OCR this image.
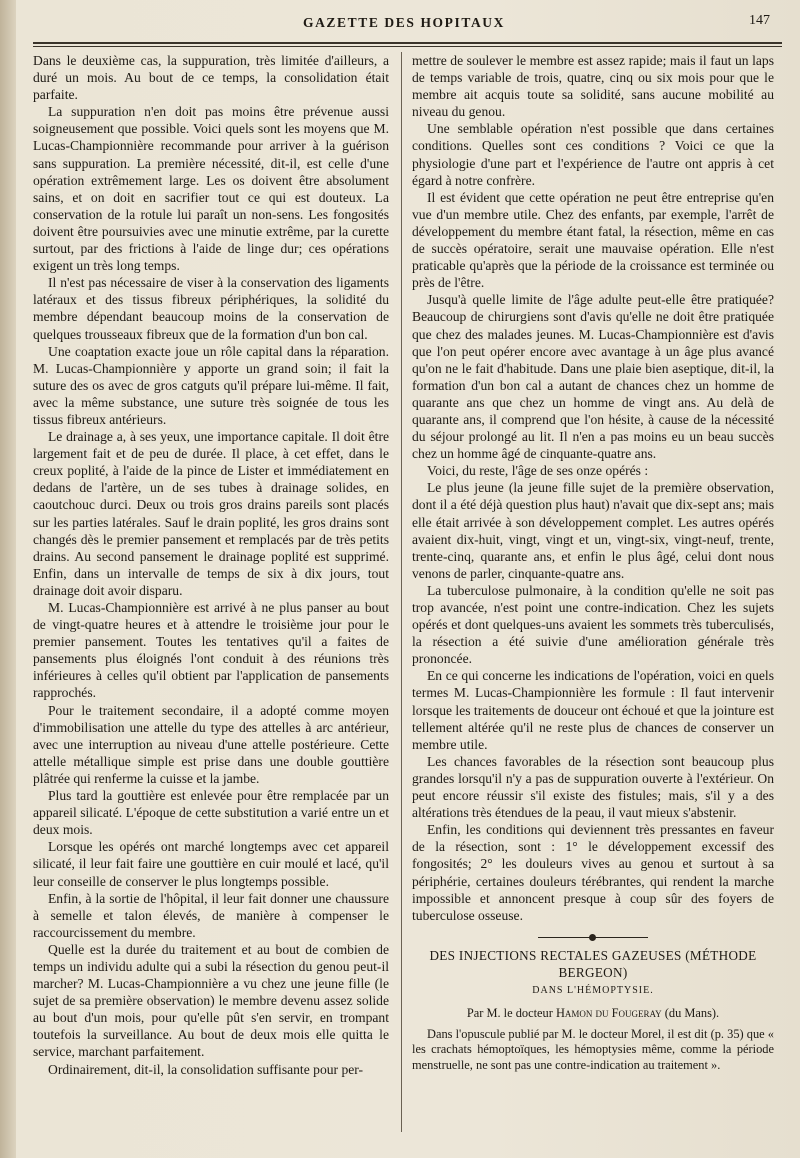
GAZETTE DES HOPITAUX	147

Dans le deuxième cas, la suppuration, très limitée d'ailleurs, a duré un mois. Au bout de ce temps, la consolidation était parfaite.

La suppuration n'en doit pas moins être prévenue aussi soigneusement que possible. Voici quels sont les moyens que M. Lucas-Championnière recommande pour arriver à la guérison sans suppuration. La première nécessité, dit-il, est celle d'une opération extrêmement large. Les os doivent être absolument sains, et on doit en sacrifier tout ce qui est douteux. La conservation de la rotule lui paraît un non-sens. Les fongosités doivent être poursuivies avec une minutie extrême, par la curette surtout, par des frictions à l'aide de linge dur; ces opérations exigent un très long temps.

Il n'est pas nécessaire de viser à la conservation des ligaments latéraux et des tissus fibreux périphériques, la solidité du membre dépendant beaucoup moins de la conservation de quelques trousseaux fibreux que de la formation d'un bon cal.

Une coaptation exacte joue un rôle capital dans la réparation. M. Lucas-Championnière y apporte un grand soin; il fait la suture des os avec de gros catguts qu'il prépare lui-même. Il fait, avec la même substance, une suture très soignée de tous les tissus fibreux antérieurs.

Le drainage a, à ses yeux, une importance capitale. Il doit être largement fait et de peu de durée. Il place, à cet effet, dans le creux poplité, à l'aide de la pince de Lister et immédiatement en dedans de l'artère, un de ses tubes à drainage solides, en caoutchouc durci. Deux ou trois gros drains pareils sont placés sur les parties latérales. Sauf le drain poplité, les gros drains sont changés dès le premier pansement et remplacés par de très petits drains. Au second pansement le drainage poplité est supprimé. Enfin, dans un intervalle de temps de six à dix jours, tout drainage doit avoir disparu.

M. Lucas-Championnière est arrivé à ne plus panser au bout de vingt-quatre heures et à attendre le troisième jour pour le premier pansement. Toutes les tentatives qu'il a faites de pansements plus éloignés l'ont conduit à des réunions très inférieures à celles qu'il obtient par l'application de pansements rapprochés.

Pour le traitement secondaire, il a adopté comme moyen d'immobilisation une attelle du type des attelles à arc antérieur, avec une interruption au niveau d'une attelle postérieure. Cette attelle métallique simple est prise dans une double gouttière plâtrée qui renferme la cuisse et la jambe.

Plus tard la gouttière est enlevée pour être remplacée par un appareil silicaté. L'époque de cette substitution a varié entre un et deux mois.

Lorsque les opérés ont marché longtemps avec cet appareil silicaté, il leur fait faire une gouttière en cuir moulé et lacé, qu'il leur conseille de conserver le plus longtemps possible.

Enfin, à la sortie de l'hôpital, il leur fait donner une chaussure à semelle et talon élevés, de manière à compenser le raccourcissement du membre.

Quelle est la durée du traitement et au bout de combien de temps un individu adulte qui a subi la résection du genou peut-il marcher? M. Lucas-Championnière a vu chez une jeune fille (le sujet de sa première observation) le membre devenu assez solide au bout d'un mois, pour qu'elle pût s'en servir, en trompant toutefois la surveillance. Au bout de deux mois elle quitta le service, marchant parfaitement.

Ordinairement, dit-il, la consolidation suffisante pour per-

mettre de soulever le membre est assez rapide; mais il faut un laps de temps variable de trois, quatre, cinq ou six mois pour que le membre ait acquis toute sa solidité, sans aucune mobilité au niveau du genou.

Une semblable opération n'est possible que dans certaines conditions. Quelles sont ces conditions ? Voici ce que la physiologie d'une part et l'expérience de l'autre ont appris à cet égard à notre confrère.

Il est évident que cette opération ne peut être entreprise qu'en vue d'un membre utile. Chez des enfants, par exemple, l'arrêt de développement du membre étant fatal, la résection, même en cas de succès opératoire, serait une mauvaise opération. Elle n'est praticable qu'après que la période de la croissance est terminée ou près de l'être.

Jusqu'à quelle limite de l'âge adulte peut-elle être pratiquée? Beaucoup de chirurgiens sont d'avis qu'elle ne doit être pratiquée que chez des malades jeunes. M. Lucas-Championnière est d'avis que l'on peut opérer encore avec avantage à un âge plus avancé qu'on ne le fait d'habitude. Dans une plaie bien aseptique, dit-il, la formation d'un bon cal a autant de chances chez un homme de quarante ans que chez un homme de vingt ans. Au delà de quarante ans, il comprend que l'on hésite, à cause de la nécessité du séjour prolongé au lit. Il n'en a pas moins eu un beau succès chez un homme âgé de cinquante-quatre ans.

Voici, du reste, l'âge de ses onze opérés :

Le plus jeune (la jeune fille sujet de la première observation, dont il a été déjà question plus haut) n'avait que dix-sept ans; mais elle était arrivée à son développement complet. Les autres opérés avaient dix-huit, vingt, vingt et un, vingt-six, vingt-neuf, trente, trente-cinq, quarante ans, et enfin le plus âgé, celui dont nous venons de parler, cinquante-quatre ans.

La tuberculose pulmonaire, à la condition qu'elle ne soit pas trop avancée, n'est point une contre-indication. Chez les sujets opérés et dont quelques-uns avaient les sommets très tuberculisés, la résection a été suivie d'une amélioration générale très prononcée.

En ce qui concerne les indications de l'opération, voici en quels termes M. Lucas-Championnière les formule : Il faut intervenir lorsque les traitements de douceur ont échoué et que la jointure est tellement altérée qu'il ne reste plus de chances de conserver un membre utile.

Les chances favorables de la résection sont beaucoup plus grandes lorsqu'il n'y a pas de suppuration ouverte à l'extérieur. On peut encore réussir s'il existe des fistules; mais, s'il y a des altérations très étendues de la peau, il vaut mieux s'abstenir.

Enfin, les conditions qui deviennent très pressantes en faveur de la résection, sont : 1° le développement excessif des fongosités; 2° les douleurs vives au genou et surtout à sa périphérie, certaines douleurs térébrantes, qui rendent la marche impossible et annoncent presque à coup sûr des foyers de tuberculose osseuse.

DES INJECTIONS RECTALES GAZEUSES (MÉTHODE BERGEON)
DANS L'HÉMOPTYSIE.
Par M. le docteur Hamon du Fougeray (du Mans).

Dans l'opuscule publié par M. le docteur Morel, il est dit (p. 35) que « les crachats hémoptoïques, les hémoptysies même, comme la période menstruelle, ne sont pas une contre-indication au traitement ».
